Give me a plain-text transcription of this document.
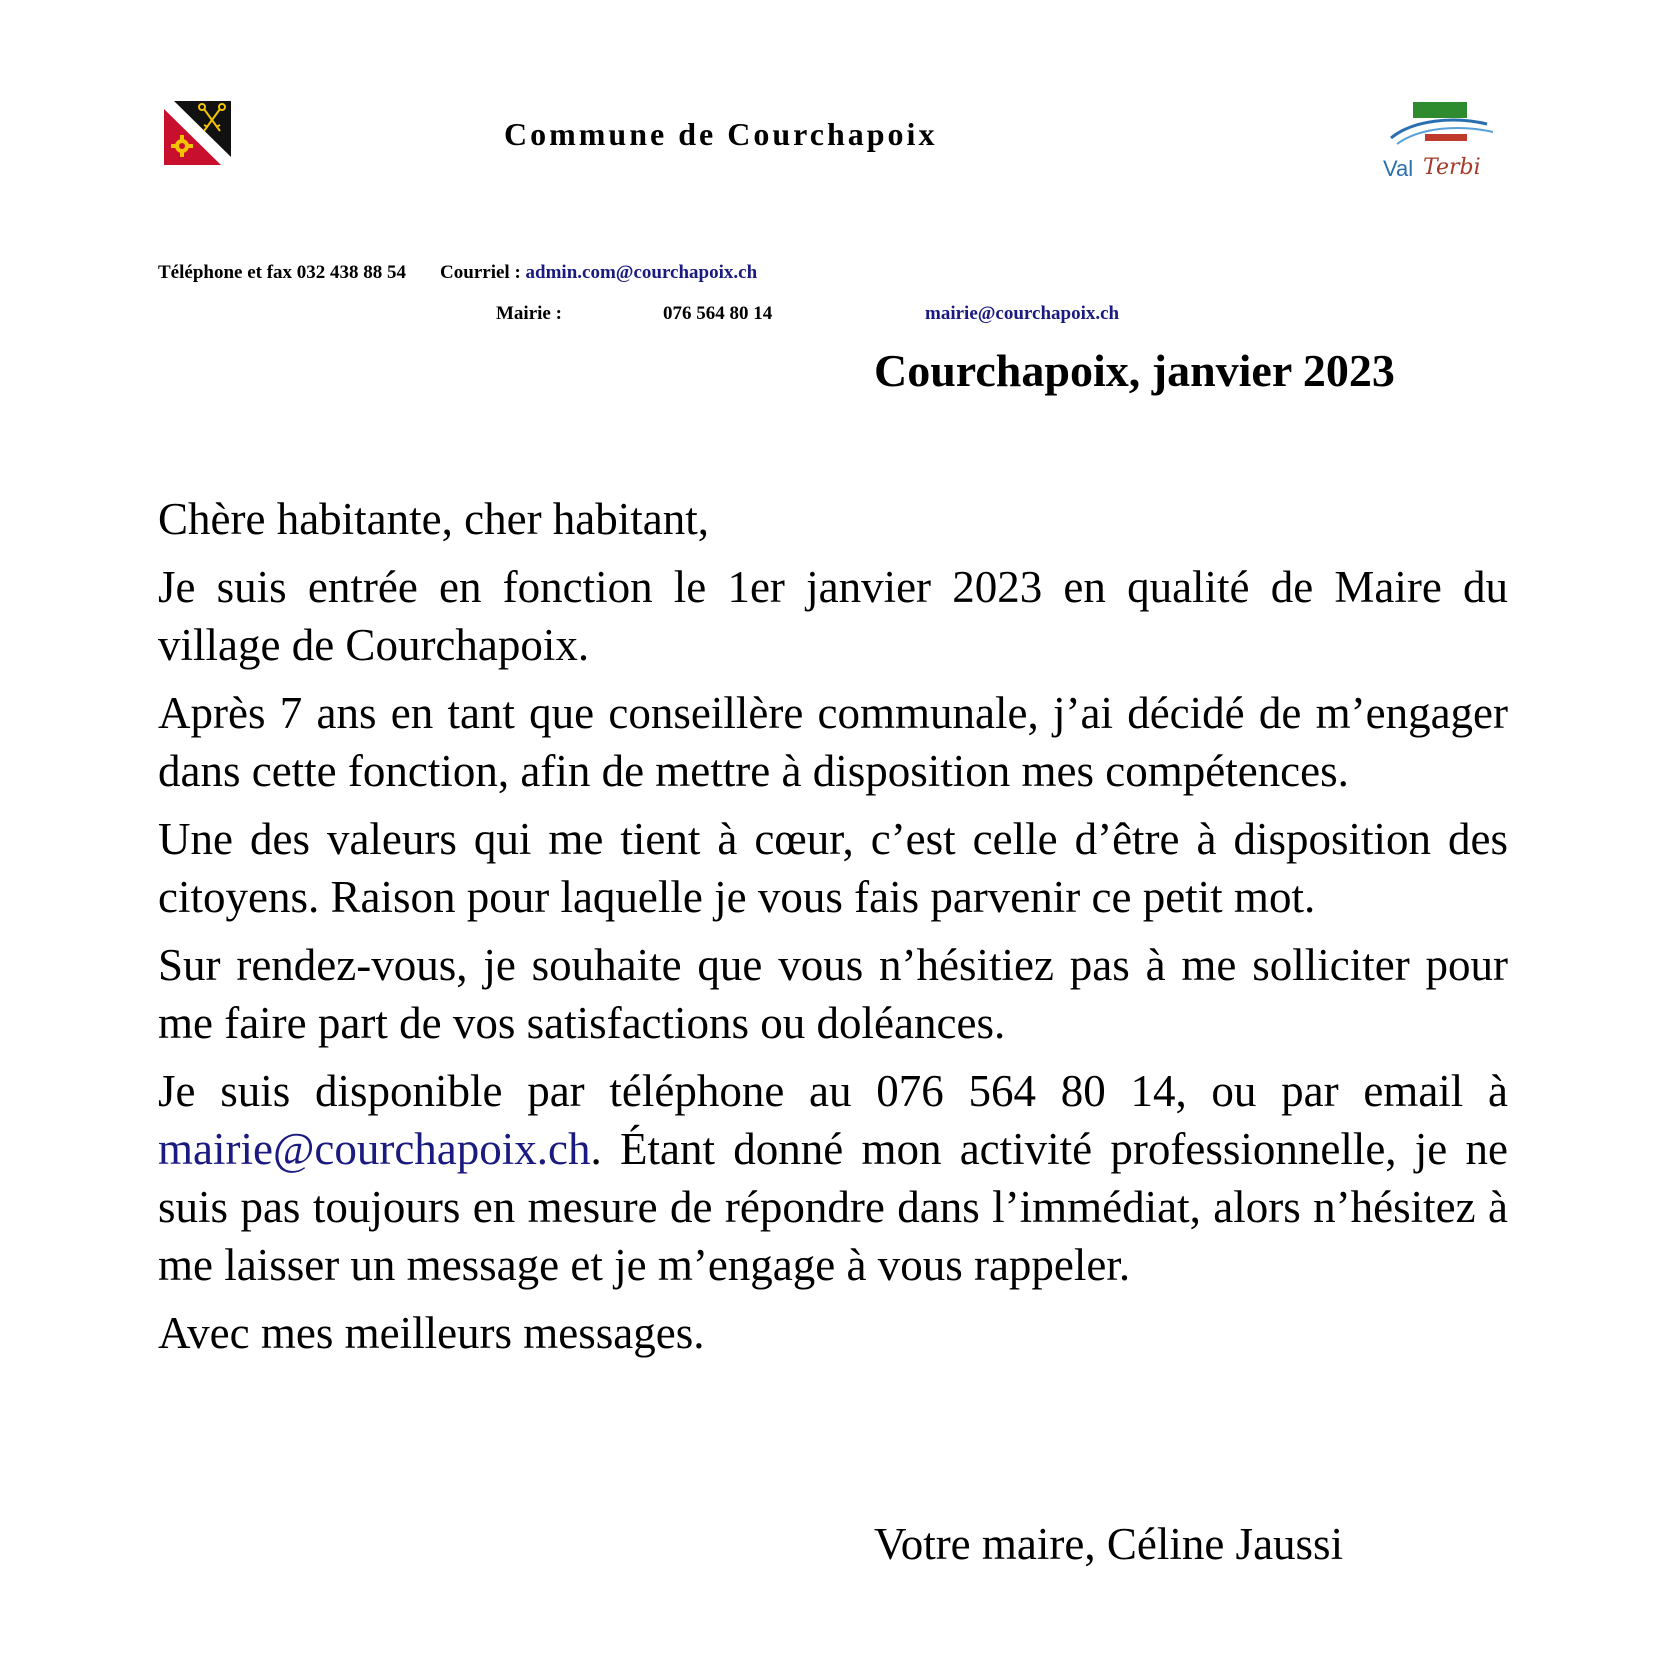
Commune de Courchapoix
Val Terbi
Téléphone et fax 032 438 88 54 Courriel : admin.com@courchapoix.ch
Mairie :	076 564 80 14	mairie@courchapoix.ch
Courchapoix, janvier 2023

Chère habitante, cher habitant,

Je suis entrée en fonction le 1er janvier 2023 en qualité de Maire du village de Courchapoix.

Après 7 ans en tant que conseillère communale, j’ai décidé de m’engager dans cette fonction, afin de mettre à disposition mes compétences.

Une des valeurs qui me tient à cœur, c’est celle d’être à disposition des citoyens. Raison pour laquelle je vous fais parvenir ce petit mot.

Sur rendez-vous, je souhaite que vous n’hésitiez pas à me solliciter pour me faire part de vos satisfactions ou doléances.

Je suis disponible par téléphone au 076 564 80 14, ou par email à mairie@courchapoix.ch. Étant donné mon activité professionnelle, je ne suis pas toujours en mesure de répondre dans l’immédiat, alors n’hésitez à me laisser un message et je m’engage à vous rappeler.

Avec mes meilleurs messages.

Votre maire, Céline Jaussi
